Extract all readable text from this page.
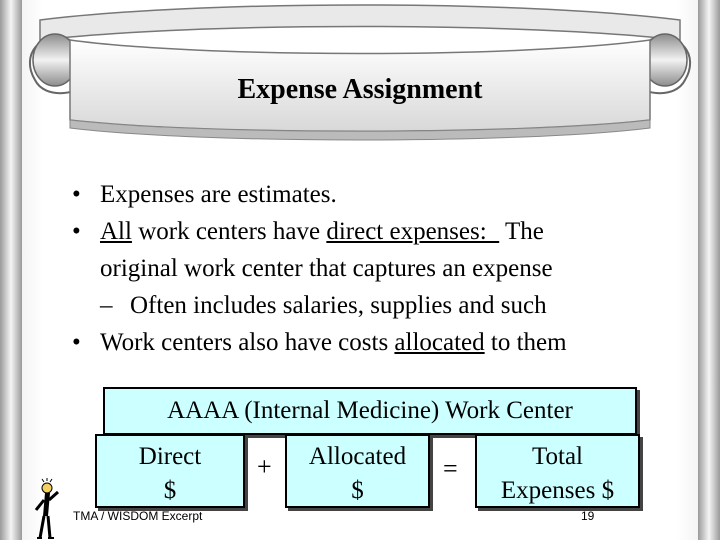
Expense Assignment
• Expenses are estimates.
• All work centers have direct expenses:   The
original work center that captures an expense
– Often includes salaries, supplies and such
• Work centers also have costs allocated to them
AAAA (Internal Medicine) Work Center
Direct
$
+	Allocated
$
=	Total
Expenses $
TMA / WISDOM Excerpt	19
